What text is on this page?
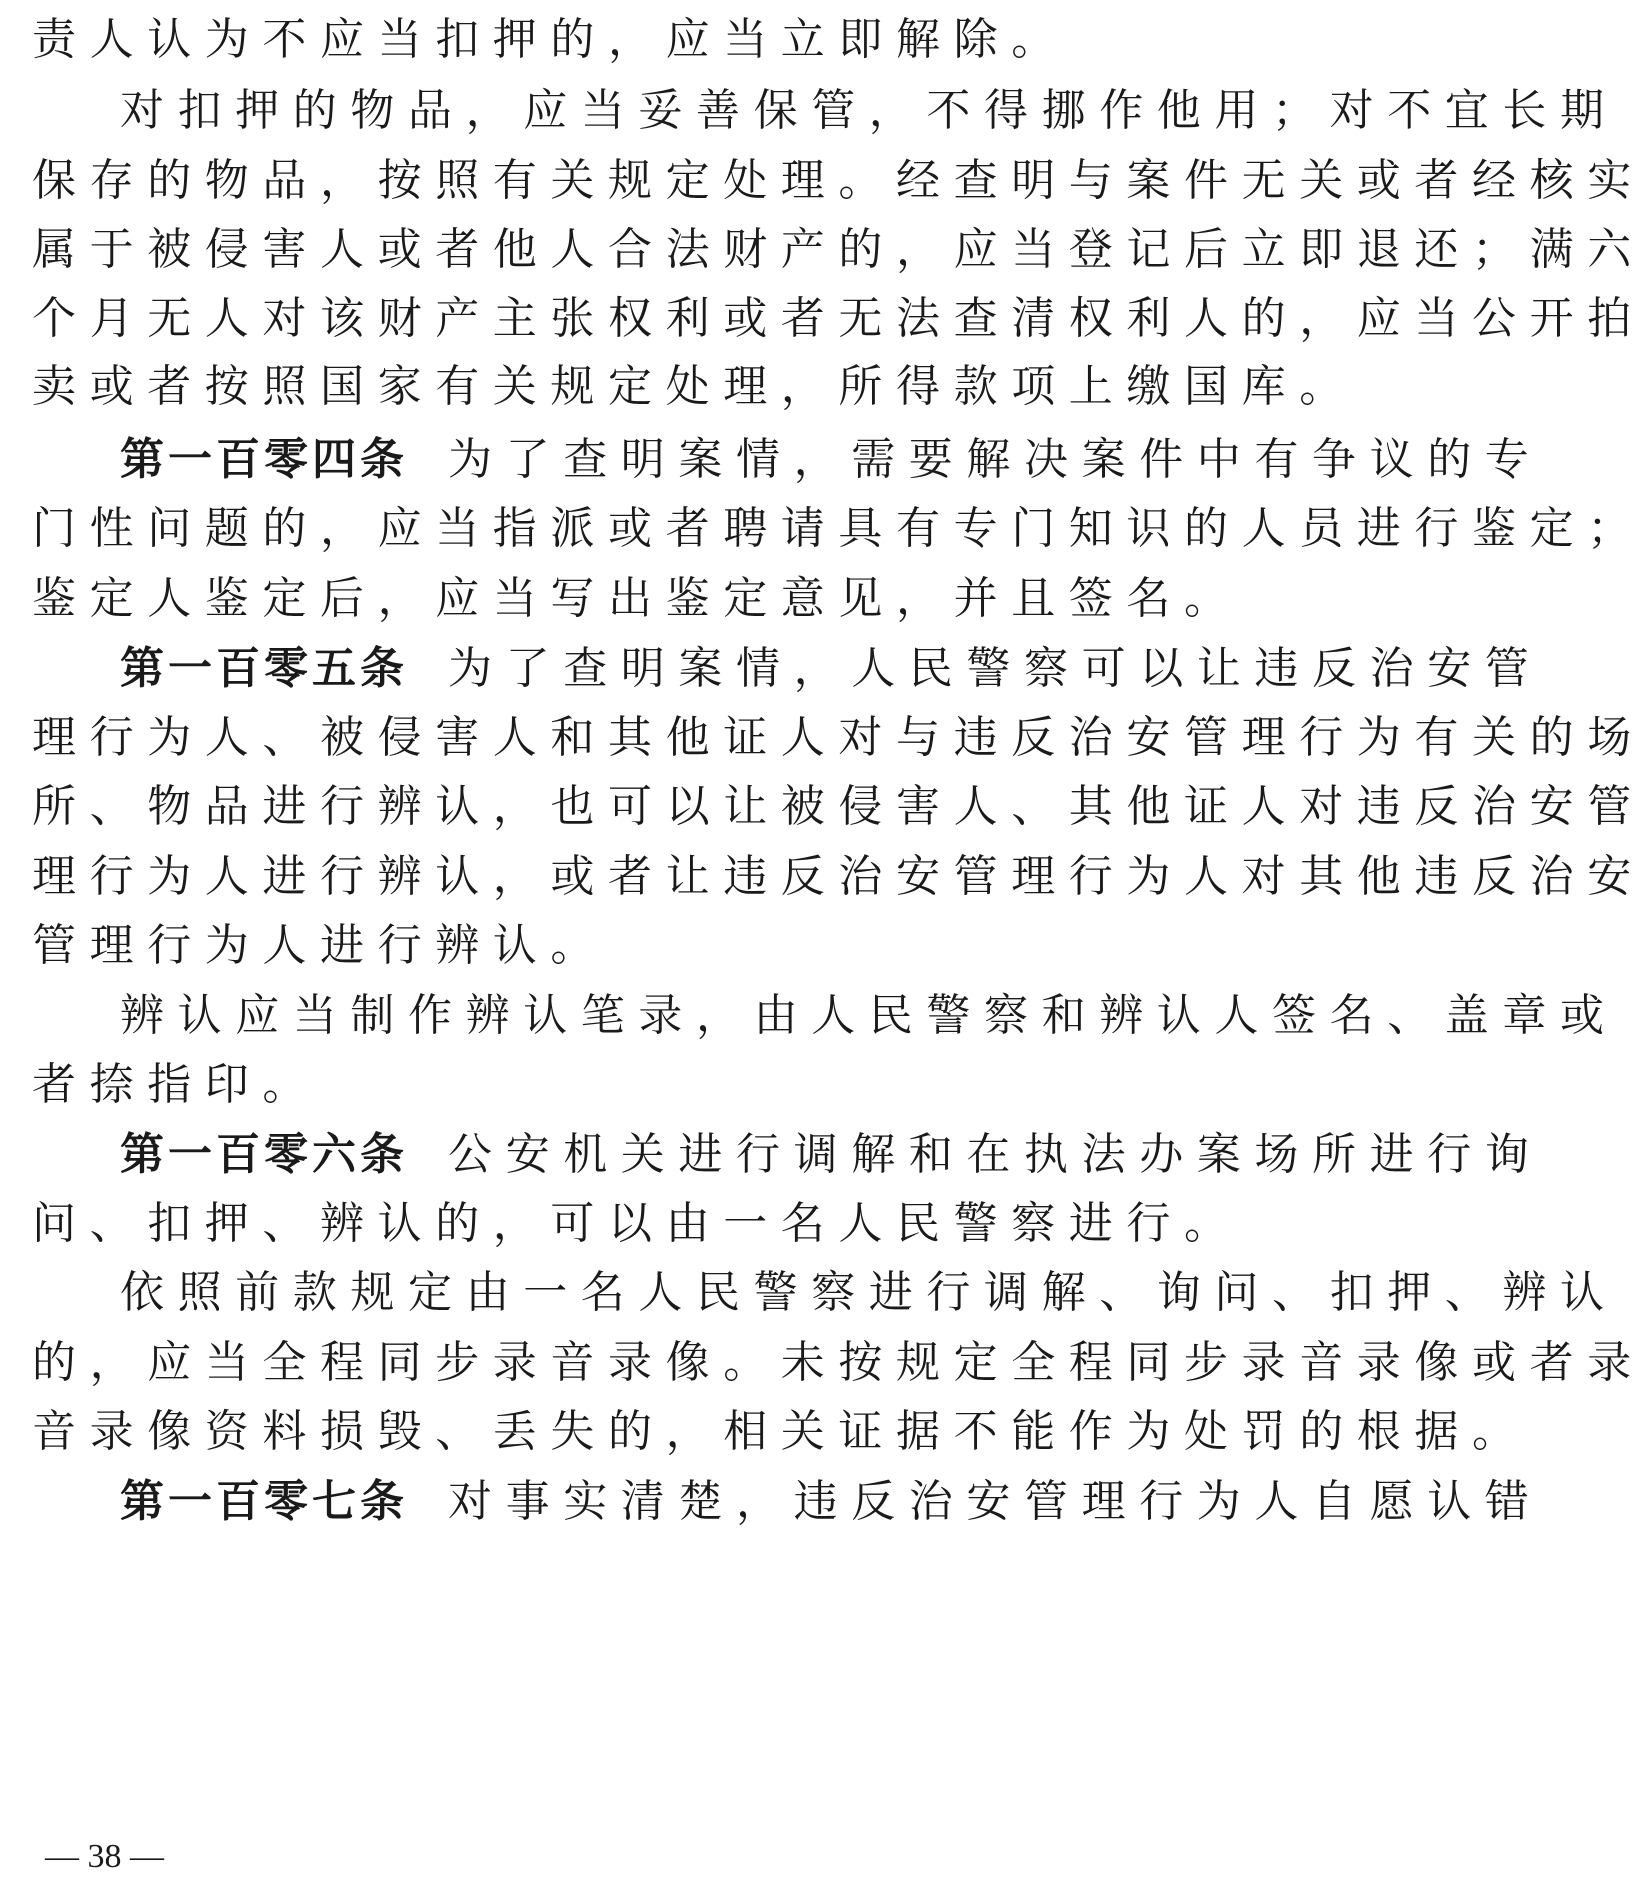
责人认为不应当扣押的，应当立即解除。
对扣押的物品，应当妥善保管，不得挪作他用；对不宜长期
保存的物品，按照有关规定处理。经查明与案件无关或者经核实
属于被侵害人或者他人合法财产的，应当登记后立即退还；满六
个月无人对该财产主张权利或者无法查清权利人的，应当公开拍
卖或者按照国家有关规定处理，所得款项上缴国库。
第一百零四条 为了查明案情，需要解决案件中有争议的专
门性问题的，应当指派或者聘请具有专门知识的人员进行鉴定；
鉴定人鉴定后，应当写出鉴定意见，并且签名。
第一百零五条 为了查明案情，人民警察可以让违反治安管
理行为人、被侵害人和其他证人对与违反治安管理行为有关的场
所、物品进行辨认，也可以让被侵害人、其他证人对违反治安管
理行为人进行辨认，或者让违反治安管理行为人对其他违反治安
管理行为人进行辨认。
辨认应当制作辨认笔录，由人民警察和辨认人签名、盖章或
者捺指印。
第一百零六条 公安机关进行调解和在执法办案场所进行询
问、扣押、辨认的，可以由一名人民警察进行。
依照前款规定由一名人民警察进行调解、询问、扣押、辨认
的，应当全程同步录音录像。未按规定全程同步录音录像或者录
音录像资料损毁、丢失的，相关证据不能作为处罚的根据。
第一百零七条 对事实清楚，违反治安管理行为人自愿认错
— 38 —
